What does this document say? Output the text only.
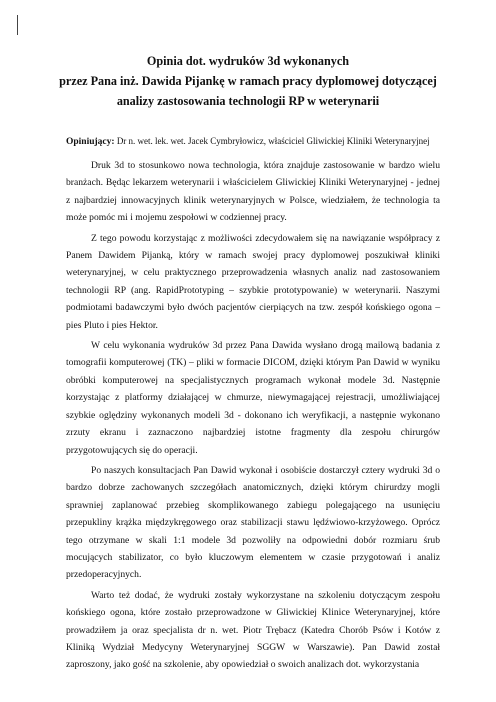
Opinia dot. wydruków 3d wykonanych
przez Pana inż. Dawida Pijankę w ramach pracy dyplomowej dotyczącej
analizy zastosowania technologii RP w weterynarii
Opiniujący: Dr n. wet. lek. wet. Jacek Cymbryłowicz, właściciel Gliwickiej Kliniki Weterynaryjnej

Druk 3d to stosunkowo nowa technologia, która znajduje zastosowanie w bardzo wielu branżach. Będąc lekarzem weterynarii i właścicielem Gliwickiej Kliniki Weterynaryjnej - jednej z najbardziej innowacyjnych klinik weterynaryjnych w Polsce, wiedziałem, że technologia ta może pomóc mi i mojemu zespołowi w codziennej pracy.

Z tego powodu korzystając z możliwości zdecydowałem się na nawiązanie współpracy z Panem Dawidem Pijanką, który w ramach swojej pracy dyplomowej poszukiwał kliniki weterynaryjnej, w celu praktycznego przeprowadzenia własnych analiz nad zastosowaniem technologii RP (ang. RapidPrototyping – szybkie prototypowanie) w weterynarii. Naszymi podmiotami badawczymi było dwóch pacjentów cierpiących na tzw. zespół końskiego ogona – pies Pluto i pies Hektor.

W celu wykonania wydruków 3d przez Pana Dawida wysłano drogą mailową badania z tomografii komputerowej (TK) – pliki w formacie DICOM, dzięki którym Pan Dawid w wyniku obróbki komputerowej na specjalistycznych programach wykonał modele 3d. Następnie korzystając z platformy działającej w chmurze, niewymagającej rejestracji, umożliwiającej szybkie oględziny wykonanych modeli 3d - dokonano ich weryfikacji, a następnie wykonano zrzuty ekranu i zaznaczono najbardziej istotne fragmenty dla zespołu chirurgów przygotowujących się do operacji.

Po naszych konsultacjach Pan Dawid wykonał i osobiście dostarczył cztery wydruki 3d o bardzo dobrze zachowanych szczegółach anatomicznych, dzięki którym chirurdzy mogli sprawniej zaplanować przebieg skomplikowanego zabiegu polegającego na usunięciu przepukliny krążka międzykręgowego oraz stabilizacji stawu lędźwiowo-krzyżowego. Oprócz tego otrzymane w skali 1:1 modele 3d pozwoliły na odpowiedni dobór rozmiaru śrub mocujących stabilizator, co było kluczowym elementem w czasie przygotowań i analiz przedoperacyjnych.

Warto też dodać, że wydruki zostały wykorzystane na szkoleniu dotyczącym zespołu końskiego ogona, które zostało przeprowadzone w Gliwickiej Klinice Weterynaryjnej, które prowadziłem ja oraz specjalista dr n. wet. Piotr Trębacz (Katedra Chorób Psów i Kotów z Kliniką Wydział Medycyny Weterynaryjnej SGGW w Warszawie). Pan Dawid został zaproszony, jako gość na szkolenie, aby opowiedział o swoich analizach dot. wykorzystania
